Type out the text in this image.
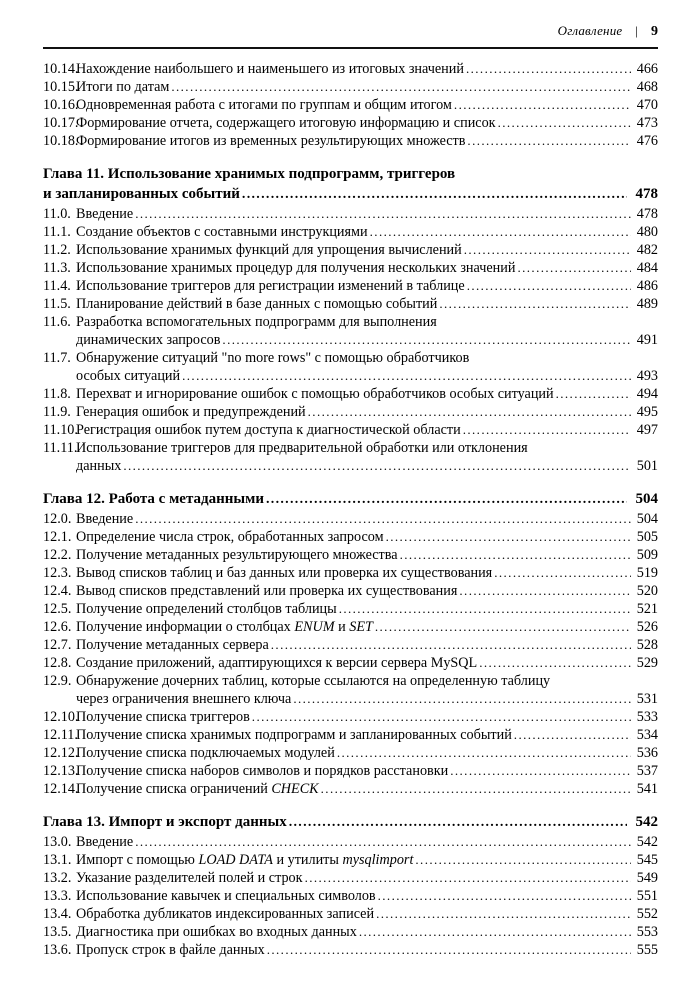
Оглавление | 9
10.14.
Нахождение наибольшего и наименьшего из итоговых значений .....	466
10.15.
Итоги по датам .....	468
10.16.
Одновременная работа с итогами по группам и общим итогом .....	470
10.17.
Формирование отчета, содержащего итоговую информацию и список .....	473
10.18.
Формирование итогов из временных результирующих множеств .....	476
Глава 11. Использование хранимых подпрограмм, триггеров
и запланированных событий .....	478
11.0. Введение .....	478
11.1. Создание объектов с составными инструкциями .....	480
11.2. Использование хранимых функций для упрощения вычислений .....	482
11.3. Использование хранимых процедур для получения нескольких значений .....	484
11.4. Использование триггеров для регистрации изменений в таблице .....	486
11.5. Планирование действий в базе данных с помощью событий .....	489
11.6. Разработка вспомогательных подпрограмм для выполнения
динамических запросов .....	491
11.7. Обнаружение ситуаций "no more rows" с помощью обработчиков
особых ситуаций .....	493
11.8. Перехват и игнорирование ошибок с помощью обработчиков особых ситуаций .....	494
11.9. Генерация ошибок и предупреждений .....	495
11.10.
Регистрация ошибок путем доступа к диагностической области .....	497
11.11.
Использование триггеров для предварительной обработки или отклонения
данных .....	501
Глава 12. Работа с метаданными .....	504
12.0. Введение .....	504
12.1. Определение числа строк, обработанных запросом .....	505
12.2. Получение метаданных результирующего множества .....	509
12.3. Вывод списков таблиц и баз данных или проверка их существования .....	519
12.4. Вывод списков представлений или проверка их существования .....	520
12.5. Получение определений столбцов таблицы .....	521
12.6. Получение информации о столбцах ENUM и SET .....	526
12.7. Получение метаданных сервера .....	528
12.8. Создание приложений, адаптирующихся к версии сервера MySQL .....	529
12.9. Обнаружение дочерних таблиц, которые ссылаются на определенную таблицу
через ограничения внешнего ключа .....	531
12.10.
Получение списка триггеров .....	533
12.11.
Получение списка хранимых подпрограмм и запланированных событий .....	534
12.12.
Получение списка подключаемых модулей .....	536
12.13.
Получение списка наборов символов и порядков расстановки .....	537
12.14.
Получение списка ограничений CHECK .....	541
Глава 13. Импорт и экспорт данных .....	542
13.0. Введение .....	542
13.1. Импорт с помощью LOAD DATA и утилиты mysqlimport .....	545
13.2. Указание разделителей полей и строк .....	549
13.3. Использование кавычек и специальных символов .....	551
13.4. Обработка дубликатов индексированных записей .....	552
13.5. Диагностика при ошибках во входных данных .....	553
13.6. Пропуск строк в файле данных .....	555
